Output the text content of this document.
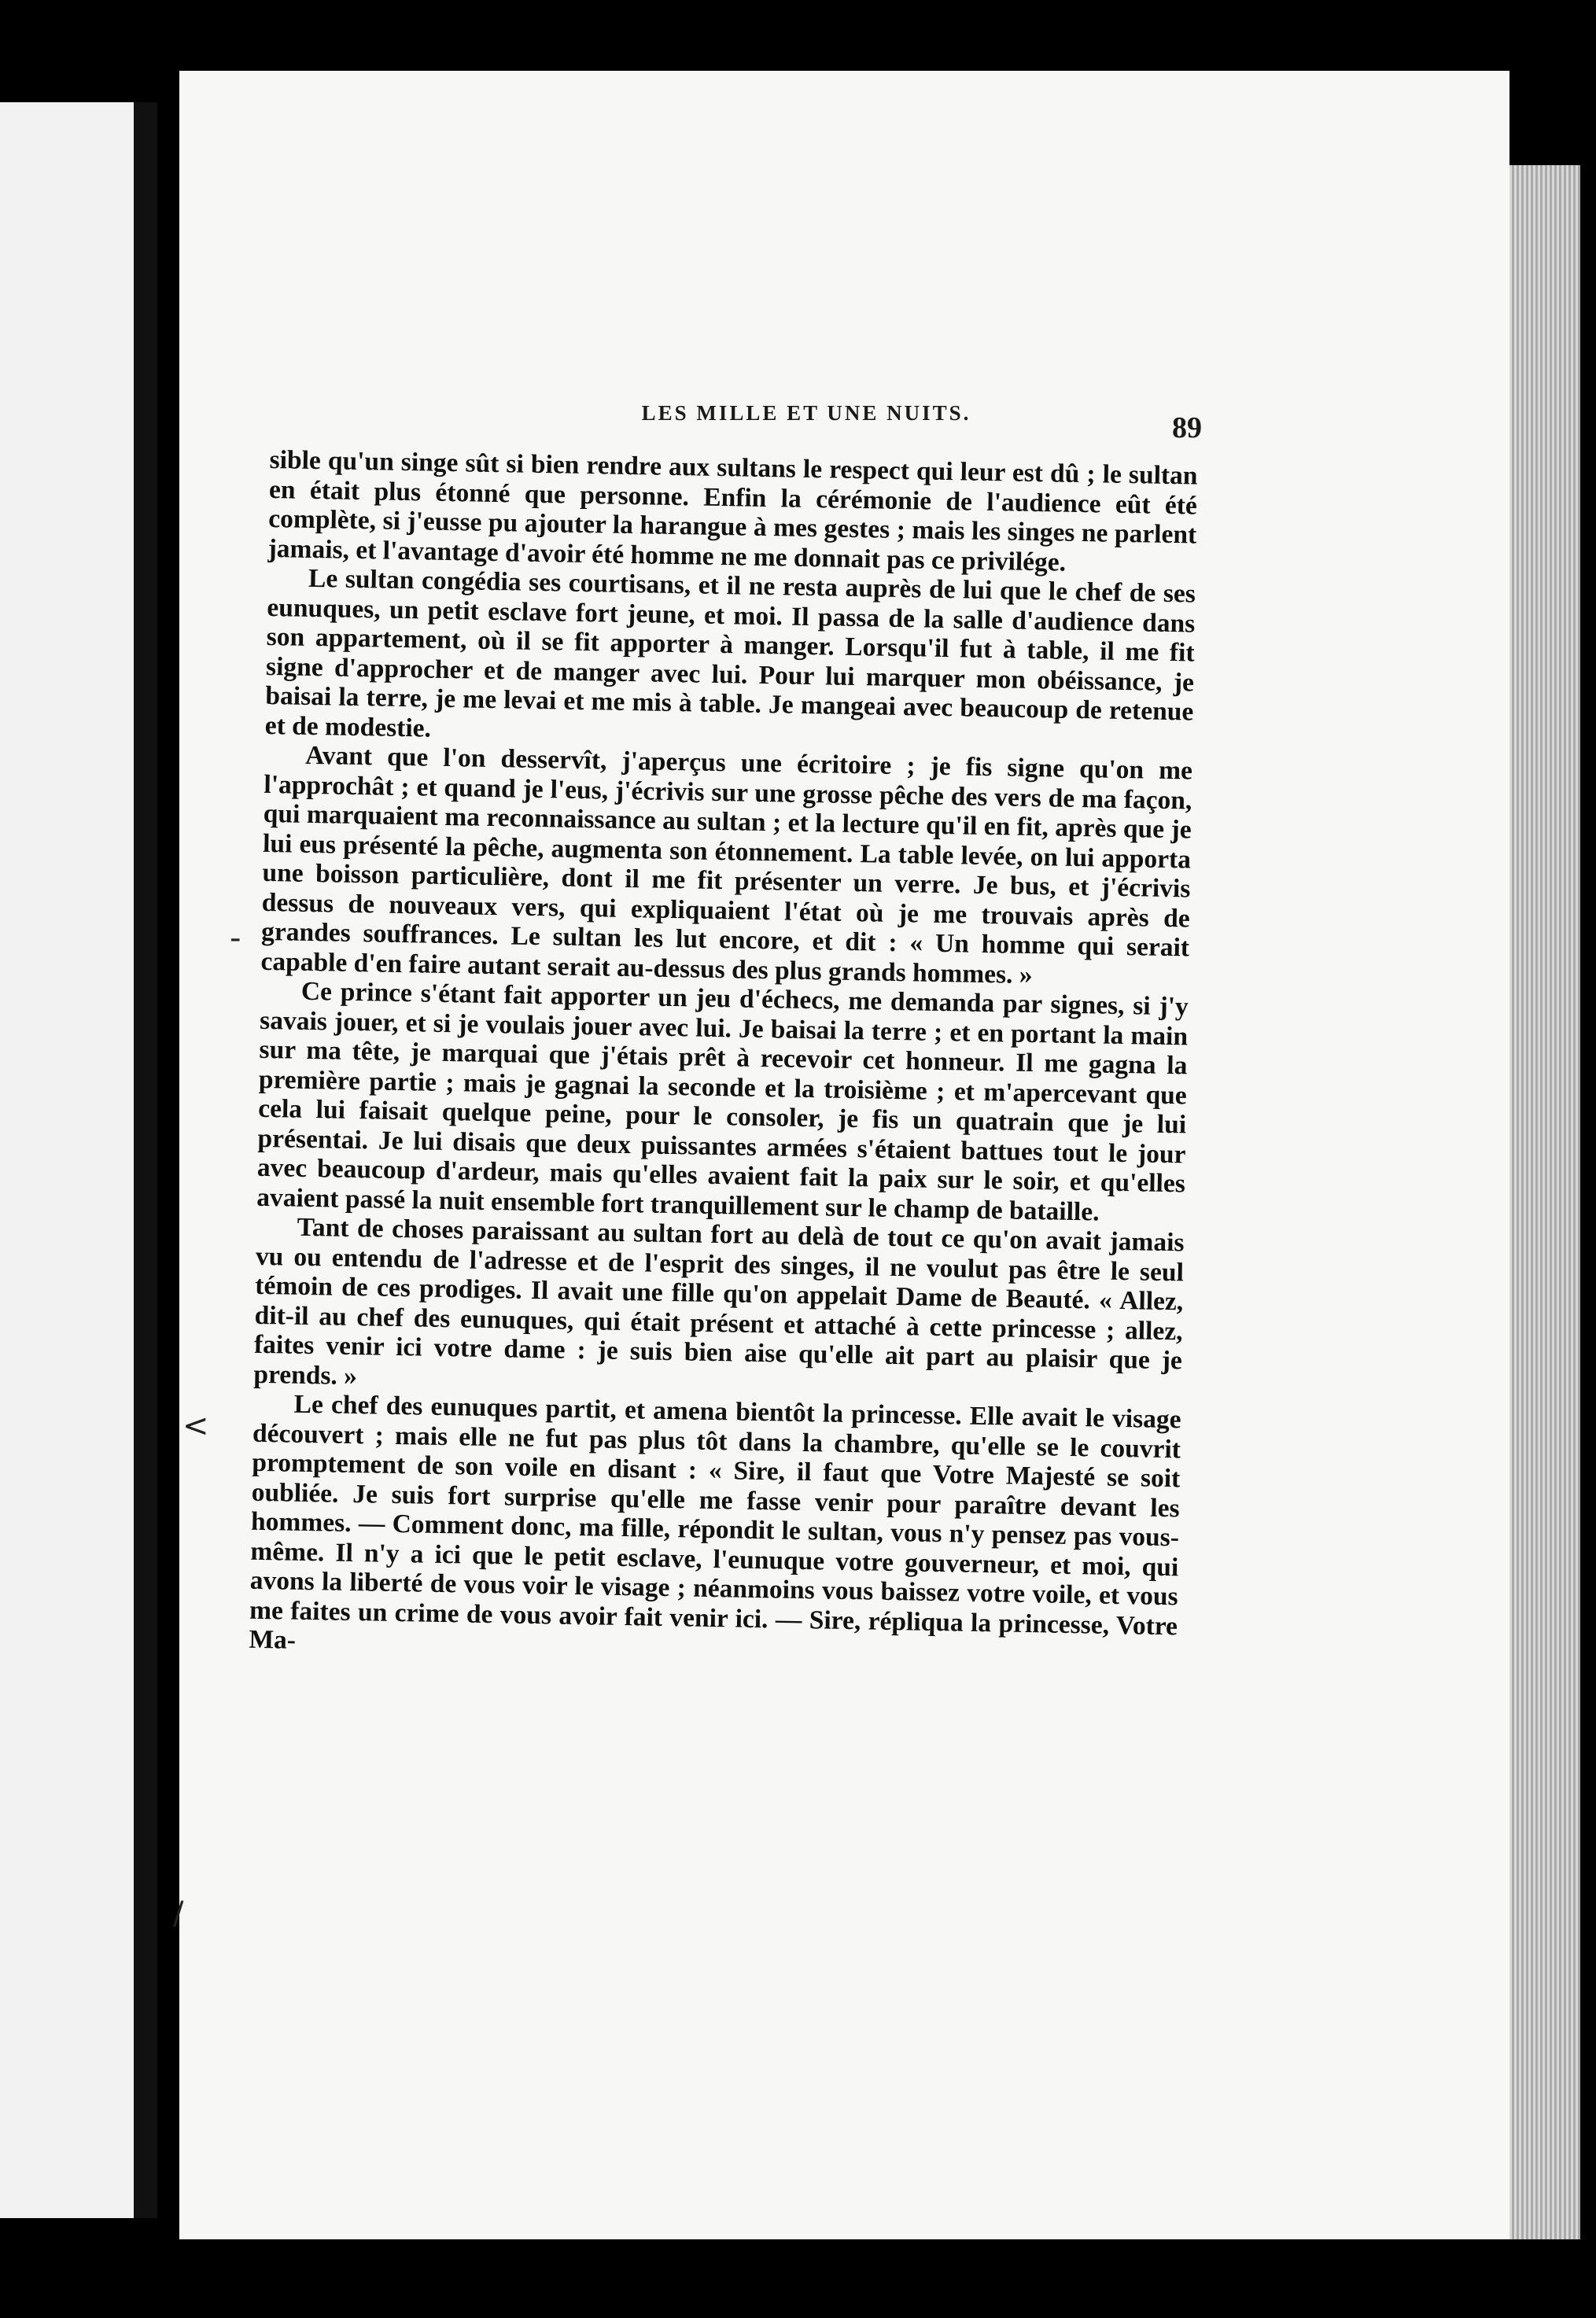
LES MILLE ET UNE NUITS.	89

sible qu'un singe sût si bien rendre aux sultans le respect qui leur est dû ; le sultan en était plus étonné que personne. Enfin la cérémonie de l'audience eût été complète, si j'eusse pu ajouter la harangue à mes gestes ; mais les singes ne parlent jamais, et l'avantage d'avoir été homme ne me donnait pas ce privilége.

Le sultan congédia ses courtisans, et il ne resta auprès de lui que le chef de ses eunuques, un petit esclave fort jeune, et moi. Il passa de la salle d'audience dans son appartement, où il se fit apporter à manger. Lorsqu'il fut à table, il me fit signe d'approcher et de manger avec lui. Pour lui marquer mon obéissance, je baisai la terre, je me levai et me mis à table. Je mangeai avec beaucoup de retenue et de modestie.

Avant que l'on desservît, j'aperçus une écritoire ; je fis signe qu'on me l'approchât ; et quand je l'eus, j'écrivis sur une grosse pêche des vers de ma façon, qui marquaient ma reconnaissance au sultan ; et la lecture qu'il en fit, après que je lui eus présenté la pêche, augmenta son étonnement. La table levée, on lui apporta une boisson particulière, dont il me fit présenter un verre. Je bus, et j'écrivis dessus de nouveaux vers, qui expliquaient l'état où je me trouvais après de grandes souffrances. Le sultan les lut encore, et dit : « Un homme qui serait capable d'en faire autant serait au-dessus des plus grands hommes. »

Ce prince s'étant fait apporter un jeu d'échecs, me demanda par signes, si j'y savais jouer, et si je voulais jouer avec lui. Je baisai la terre ; et en portant la main sur ma tête, je marquai que j'étais prêt à recevoir cet honneur. Il me gagna la première partie ; mais je gagnai la seconde et la troisième ; et m'apercevant que cela lui faisait quelque peine, pour le consoler, je fis un quatrain que je lui présentai. Je lui disais que deux puissantes armées s'étaient battues tout le jour avec beaucoup d'ardeur, mais qu'elles avaient fait la paix sur le soir, et qu'elles avaient passé la nuit ensemble fort tranquillement sur le champ de bataille.

Tant de choses paraissant au sultan fort au delà de tout ce qu'on avait jamais vu ou entendu de l'adresse et de l'esprit des singes, il ne voulut pas être le seul témoin de ces prodiges. Il avait une fille qu'on appelait Dame de Beauté. « Allez, dit-il au chef des eunuques, qui était présent et attaché à cette princesse ; allez, faites venir ici votre dame : je suis bien aise qu'elle ait part au plaisir que je prends. »

Le chef des eunuques partit, et amena bientôt la princesse. Elle avait le visage découvert ; mais elle ne fut pas plus tôt dans la chambre, qu'elle se le couvrit promptement de son voile en disant : « Sire, il faut que Votre Majesté se soit oubliée. Je suis fort surprise qu'elle me fasse venir pour paraître devant les hommes. — Comment donc, ma fille, répondit le sultan, vous n'y pensez pas vous-même. Il n'y a ici que le petit esclave, l'eunuque votre gouverneur, et moi, qui avons la liberté de vous voir le visage ; néanmoins vous baissez votre voile, et vous me faites un crime de vous avoir fait venir ici. — Sire, répliqua la princesse, Votre Ma-

-
<
/
